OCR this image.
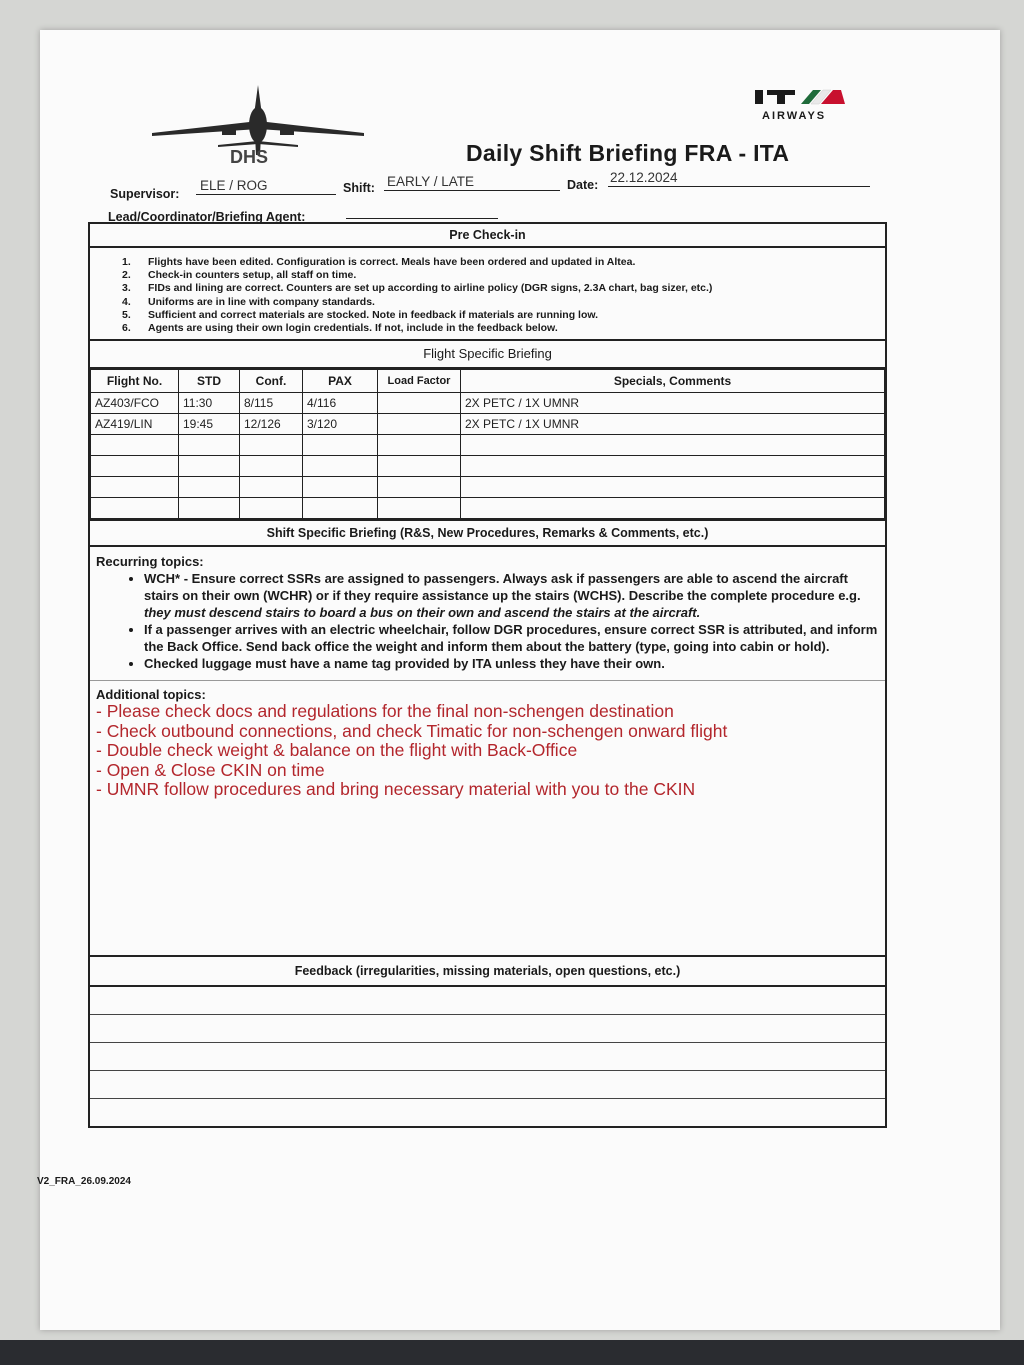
DHS
AIRWAYS
Daily Shift Briefing FRA - ITA
Supervisor:
ELE / ROG	Shift: EARLY / LATE	Date: 22.12.2024
Lead/Coordinator/Briefing Agent:
Pre Check-in
1. Flights have been edited. Configuration is correct. Meals have been ordered and updated in Altea.
2. Check-in counters setup, all staff on time.
3. FIDs and lining are correct. Counters are set up according to airline policy (DGR signs, 2.3A chart, bag sizer, etc.)
4. Uniforms are in line with company standards.
5. Sufficient and correct materials are stocked. Note in feedback if materials are running low.
6. Agents are using their own login credentials. If not, include in the feedback below.
Flight Specific Briefing
Flight No.	STD	Conf.	PAX	Load Factor	Specials, Comments
AZ403/FCO	11:30	8/115	4/116		2X PETC / 1X UMNR
AZ419/LIN	19:45	12/126	3/120		2X PETC / 1X UMNR

Shift Specific Briefing (R&S, New Procedures, Remarks & Comments, etc.)
Recurring topics:
• WCH* - Ensure correct SSRs are assigned to passengers. Always ask if passengers are able to ascend the aircraft stairs on their own (WCHR) or if they require assistance up the stairs (WCHS). Describe the complete procedure e.g. they must descend stairs to board a bus on their own and ascend the stairs at the aircraft.
• If a passenger arrives with an electric wheelchair, follow DGR procedures, ensure correct SSR is attributed, and inform the Back Office. Send back office the weight and inform them about the battery (type, going into cabin or hold).
• Checked luggage must have a name tag provided by ITA unless they have their own.
Additional topics:
- Please check docs and regulations for the final non-schengen destination
- Check outbound connections, and check Timatic for non-schengen onward flight
- Double check weight & balance on the flight with Back-Office
- Open & Close CKIN on time
- UMNR follow procedures and bring necessary material with you to the CKIN
Feedback (irregularities, missing materials, open questions, etc.)
V2_FRA_26.09.2024
